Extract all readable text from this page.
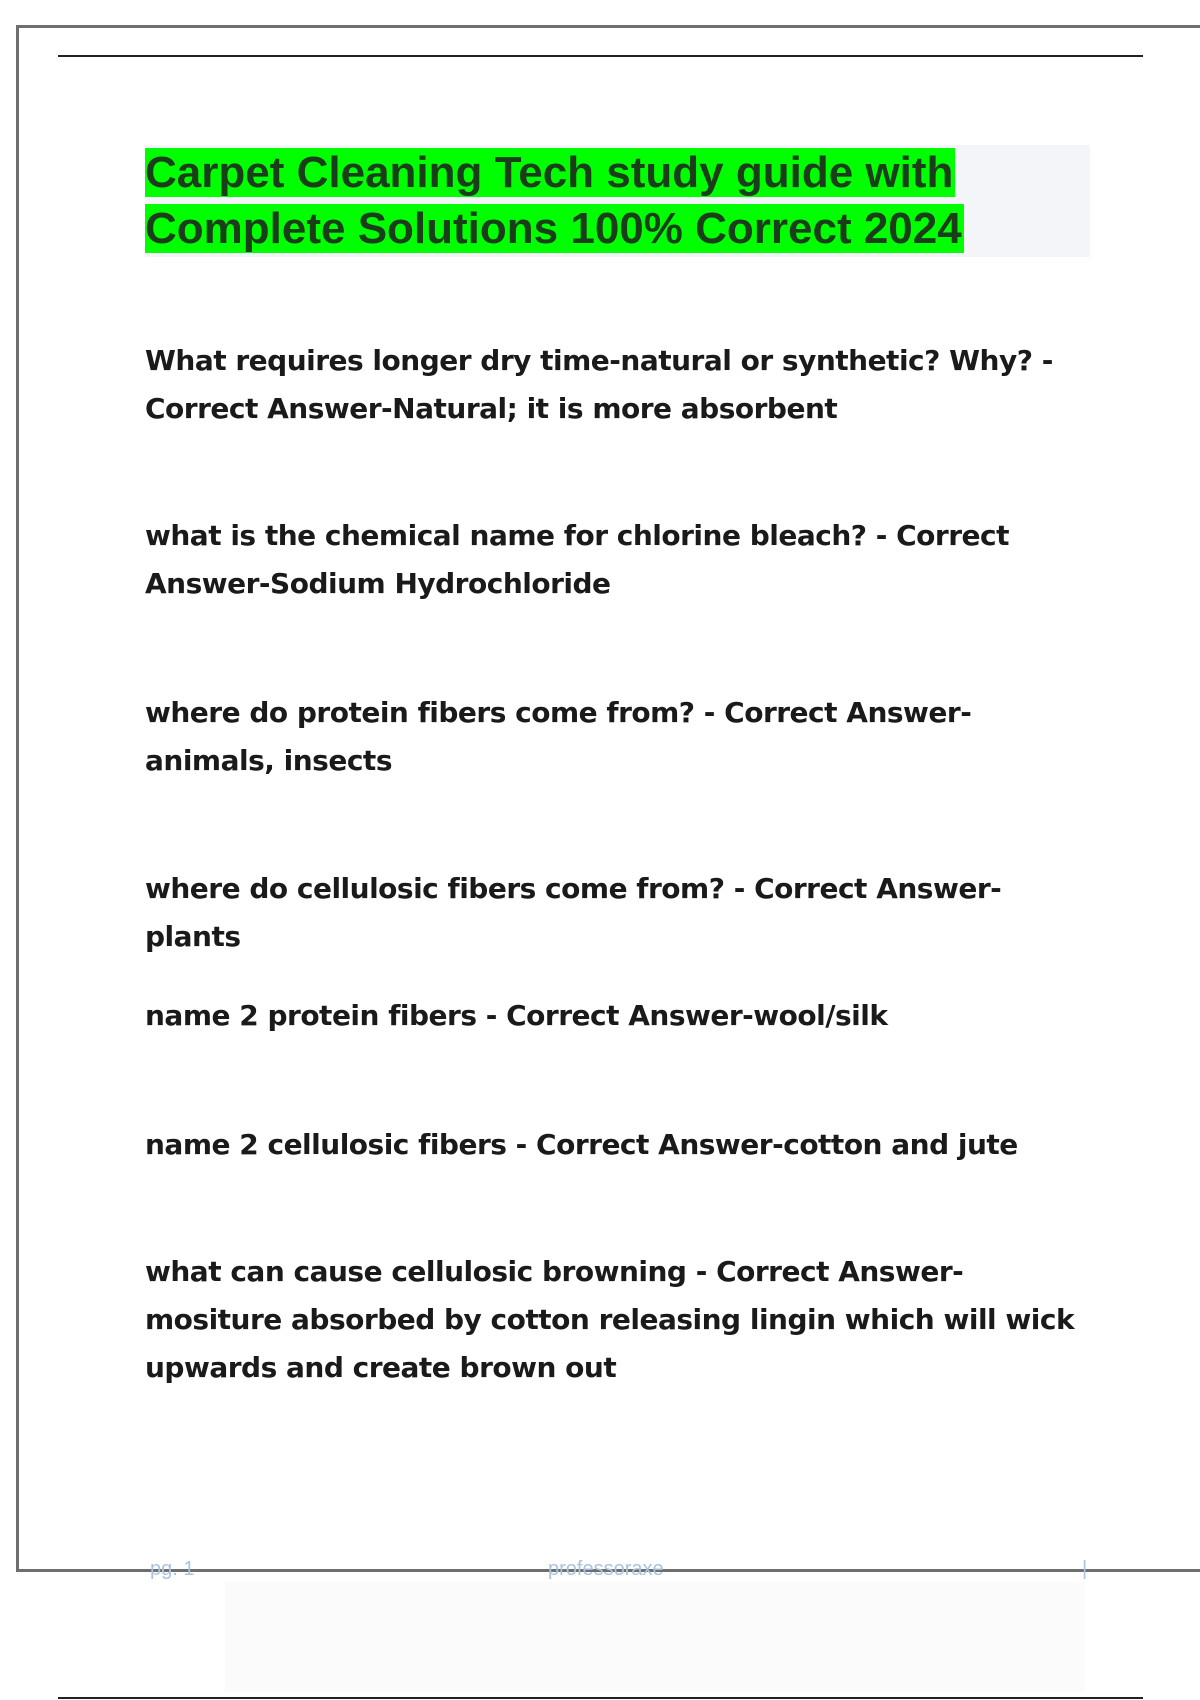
Carpet Cleaning Tech study guide with Complete Solutions 100% Correct 2024

What requires longer dry time-natural or synthetic? Why? - Correct Answer-Natural; it is more absorbent

what is the chemical name for chlorine bleach? - Correct Answer-Sodium Hydrochloride

where do protein fibers come from? - Correct Answer-animals, insects

where do cellulosic fibers come from? - Correct Answer-plants

name 2 protein fibers - Correct Answer-wool/silk

name 2 cellulosic fibers - Correct Answer-cotton and jute

what can cause cellulosic browning - Correct Answer-mositure absorbed by cotton releasing lingin which will wick upwards and create brown out

pg. 1	professoraxe	|
